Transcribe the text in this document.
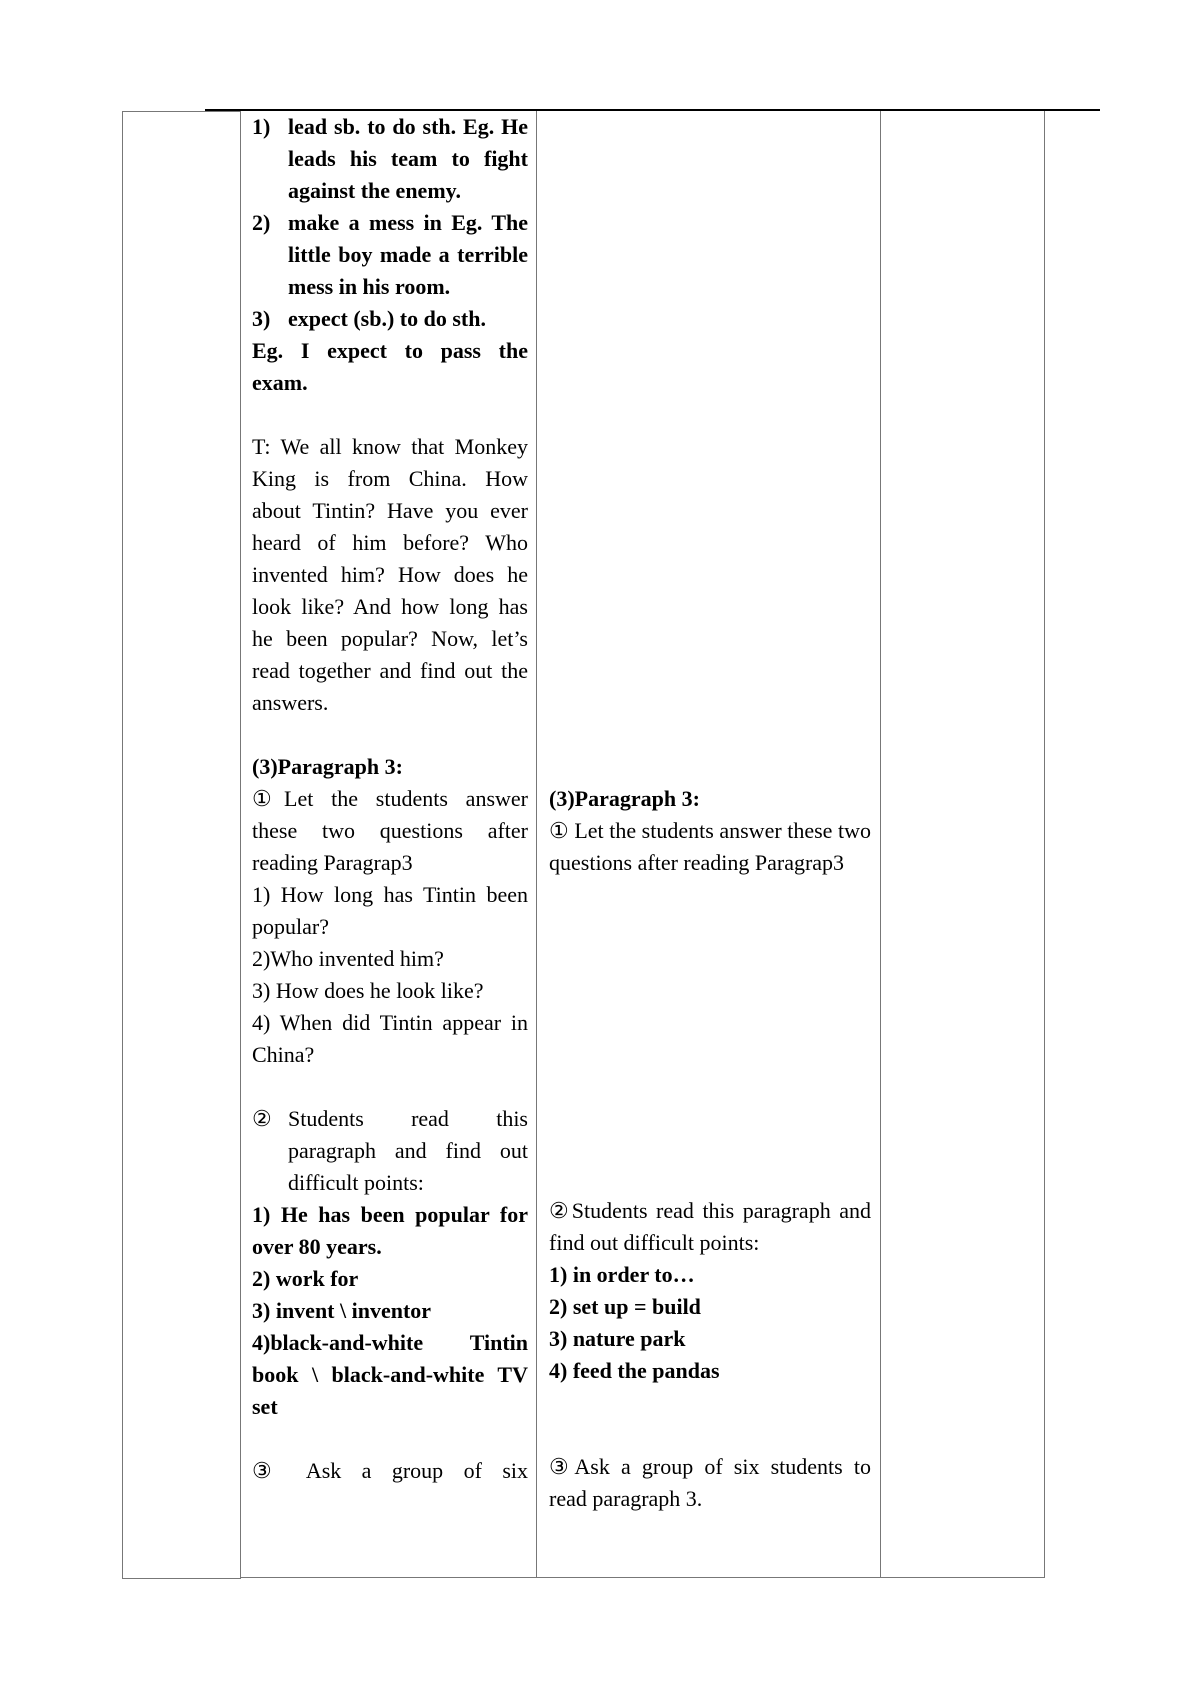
1) lead sb. to do sth. Eg. He leads his team to fight against the enemy.
2) make a mess in Eg. The little boy made a terrible mess in his room.
3) expect (sb.) to do sth.

Eg. I expect to pass the exam.

T: We all know that Monkey King is from China. How about Tintin? Have you ever heard of him before? Who invented him? How does he look like? And how long has he been popular? Now, let’s read together and find out the answers.

(3)Paragraph 3:

①Let the students answer these two questions after reading Paragrap3

1) How long has Tintin been popular?

2)Who invented him?

3) How does he look like?

4) When did Tintin appear in China?

② Students read this paragraph and find out difficult points:

1) He has been popular for over 80 years.

2) work for

3) invent \ inventor

4)black-and-white Tintin book \ black-and-white TV set

③ Ask a group of six

(3)Paragraph 3:

① Let the students answer these two questions after reading Paragrap3

②Students read this paragraph and find out difficult points:

1) in order to…

2) set up = build

3) nature park

4) feed the pandas

③Ask a group of six students to read paragraph 3.
